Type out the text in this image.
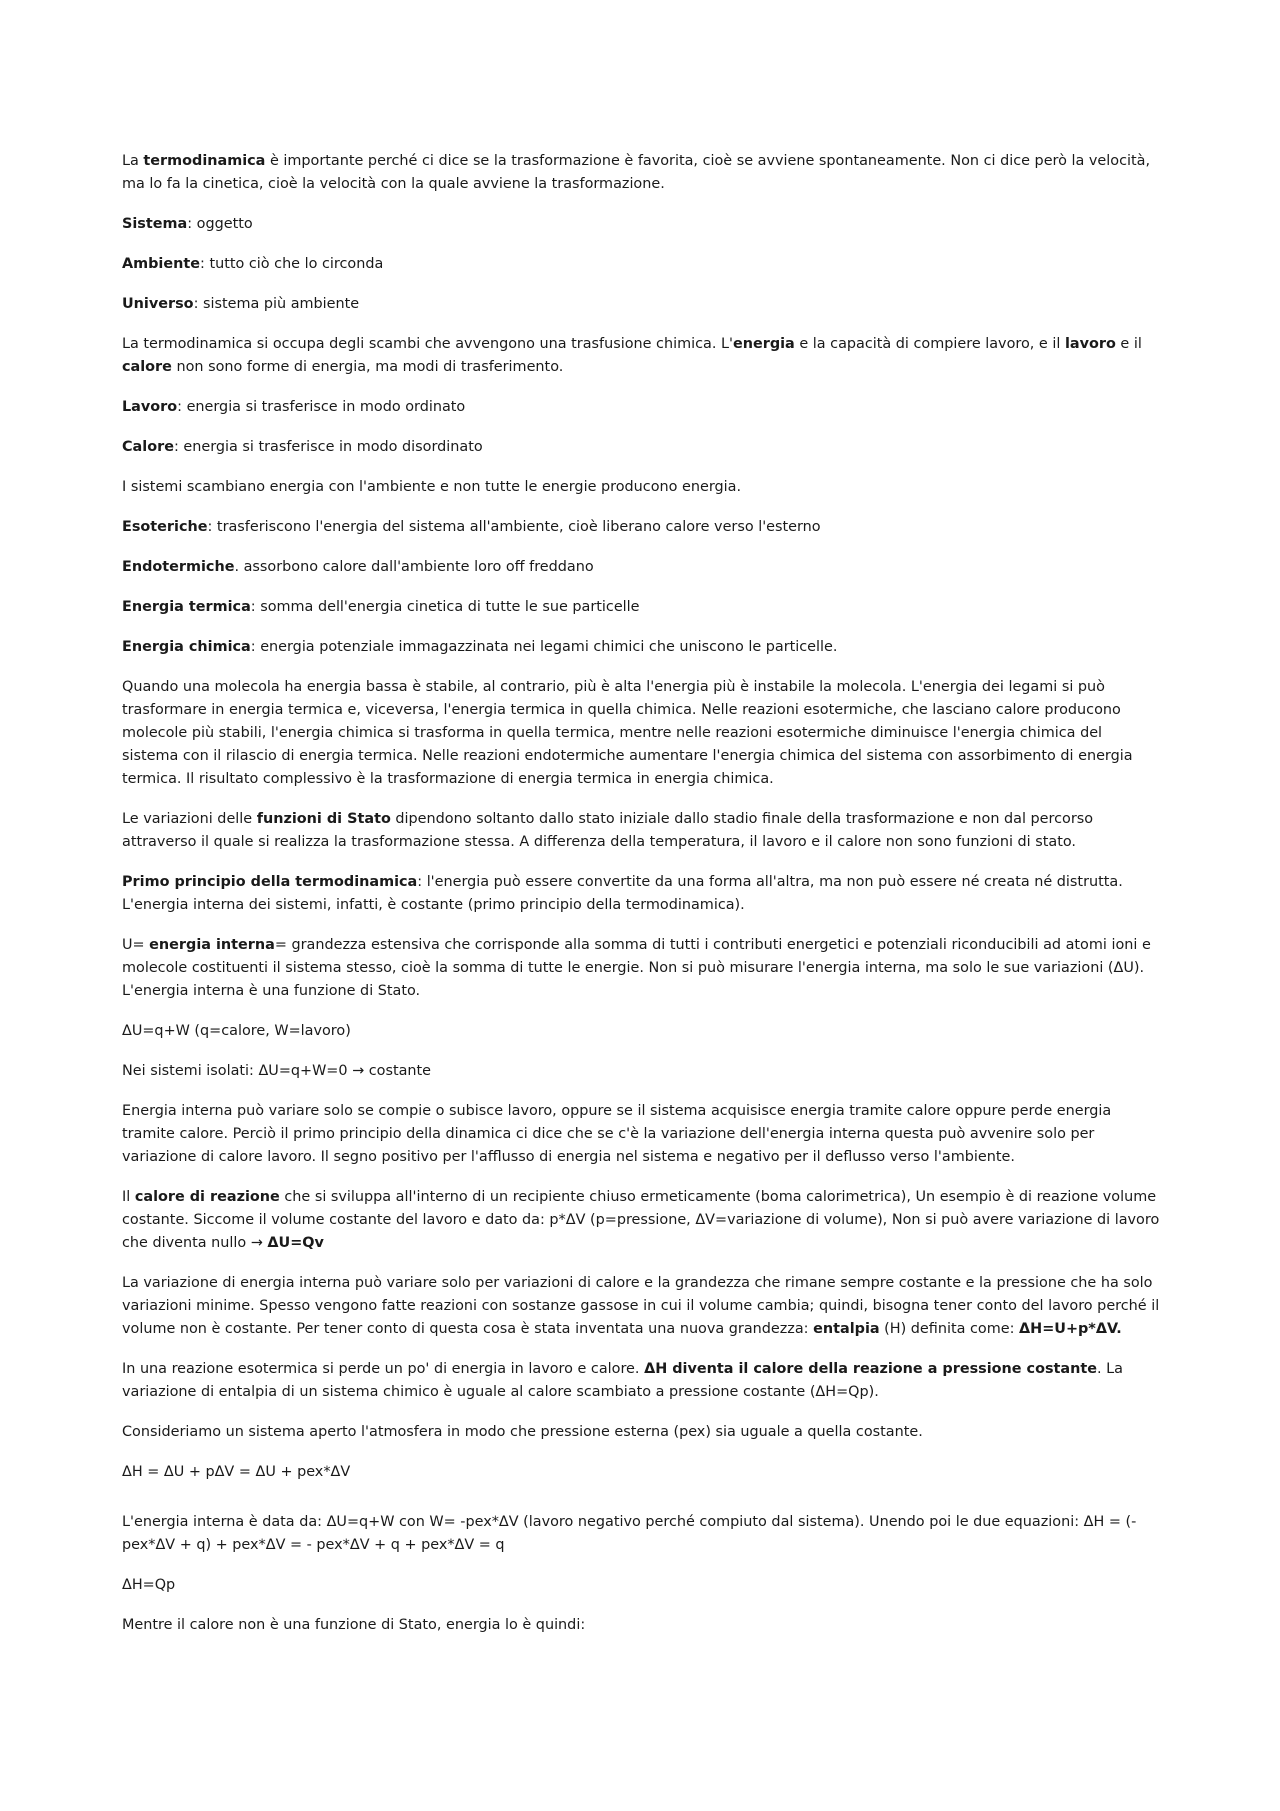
La termodinamica è importante perché ci dice se la trasformazione è favorita, cioè se avviene spontaneamente. Non ci dice però la velocità, ma lo fa la cinetica, cioè la velocità con la quale avviene la trasformazione.

Sistema: oggetto

Ambiente: tutto ciò che lo circonda

Universo: sistema più ambiente

La termodinamica si occupa degli scambi che avvengono una trasfusione chimica. L'energia e la capacità di compiere lavoro, e il lavoro e il calore non sono forme di energia, ma modi di trasferimento.

Lavoro: energia si trasferisce in modo ordinato

Calore: energia si trasferisce in modo disordinato

I sistemi scambiano energia con l'ambiente e non tutte le energie producono energia.

Esoteriche: trasferiscono l'energia del sistema all'ambiente, cioè liberano calore verso l'esterno

Endotermiche. assorbono calore dall'ambiente loro off freddano

Energia termica: somma dell'energia cinetica di tutte le sue particelle

Energia chimica: energia potenziale immagazzinata nei legami chimici che uniscono le particelle.

Quando una molecola ha energia bassa è stabile, al contrario, più è alta l'energia più è instabile la molecola. L'energia dei legami si può trasformare in energia termica e, viceversa, l'energia termica in quella chimica. Nelle reazioni esotermiche, che lasciano calore producono molecole più stabili, l'energia chimica si trasforma in quella termica, mentre nelle reazioni esotermiche diminuisce l'energia chimica del sistema con il rilascio di energia termica. Nelle reazioni endotermiche aumentare l'energia chimica del sistema con assorbimento di energia termica. Il risultato complessivo è la trasformazione di energia termica in energia chimica.

Le variazioni delle funzioni di Stato dipendono soltanto dallo stato iniziale dallo stadio finale della trasformazione e non dal percorso attraverso il quale si realizza la trasformazione stessa. A differenza della temperatura, il lavoro e il calore non sono funzioni di stato.

Primo principio della termodinamica: l'energia può essere convertite da una forma all'altra, ma non può essere né creata né distrutta. L'energia interna dei sistemi, infatti, è costante (primo principio della termodinamica).

U= energia interna= grandezza estensiva che corrisponde alla somma di tutti i contributi energetici e potenziali riconducibili ad atomi ioni e molecole costituenti il sistema stesso, cioè la somma di tutte le energie. Non si può misurare l'energia interna, ma solo le sue variazioni (ΔU). L'energia interna è una funzione di Stato.

ΔU=q+W (q=calore, W=lavoro)

Nei sistemi isolati: ΔU=q+W=0 → costante

Energia interna può variare solo se compie o subisce lavoro, oppure se il sistema acquisisce energia tramite calore oppure perde energia tramite calore. Perciò il primo principio della dinamica ci dice che se c'è la variazione dell'energia interna questa può avvenire solo per variazione di calore lavoro. Il segno positivo per l'afflusso di energia nel sistema e negativo per il deflusso verso l'ambiente.

Il calore di reazione che si sviluppa all'interno di un recipiente chiuso ermeticamente (boma calorimetrica), Un esempio è di reazione volume costante. Siccome il volume costante del lavoro e dato da: p*ΔV (p=pressione, ΔV=variazione di volume), Non si può avere variazione di lavoro che diventa nullo → ΔU=Qv

La variazione di energia interna può variare solo per variazioni di calore e la grandezza che rimane sempre costante e la pressione che ha solo variazioni minime. Spesso vengono fatte reazioni con sostanze gassose in cui il volume cambia; quindi, bisogna tener conto del lavoro perché il volume non è costante. Per tener conto di questa cosa è stata inventata una nuova grandezza: entalpia (H) definita come: ΔH=U+p*ΔV.

In una reazione esotermica si perde un po' di energia in lavoro e calore. ΔH diventa il calore della reazione a pressione costante. La variazione di entalpia di un sistema chimico è uguale al calore scambiato a pressione costante (ΔH=Qp).

Consideriamo un sistema aperto l'atmosfera in modo che pressione esterna (pex) sia uguale a quella costante.

ΔH = ΔU + pΔV = ΔU + pex*ΔV

L'energia interna è data da: ΔU=q+W con W= -pex*ΔV (lavoro negativo perché compiuto dal sistema). Unendo poi le due equazioni: ΔH = (- pex*ΔV + q) + pex*ΔV = - pex*ΔV + q + pex*ΔV = q

ΔH=Qp

Mentre il calore non è una funzione di Stato, energia lo è quindi:
